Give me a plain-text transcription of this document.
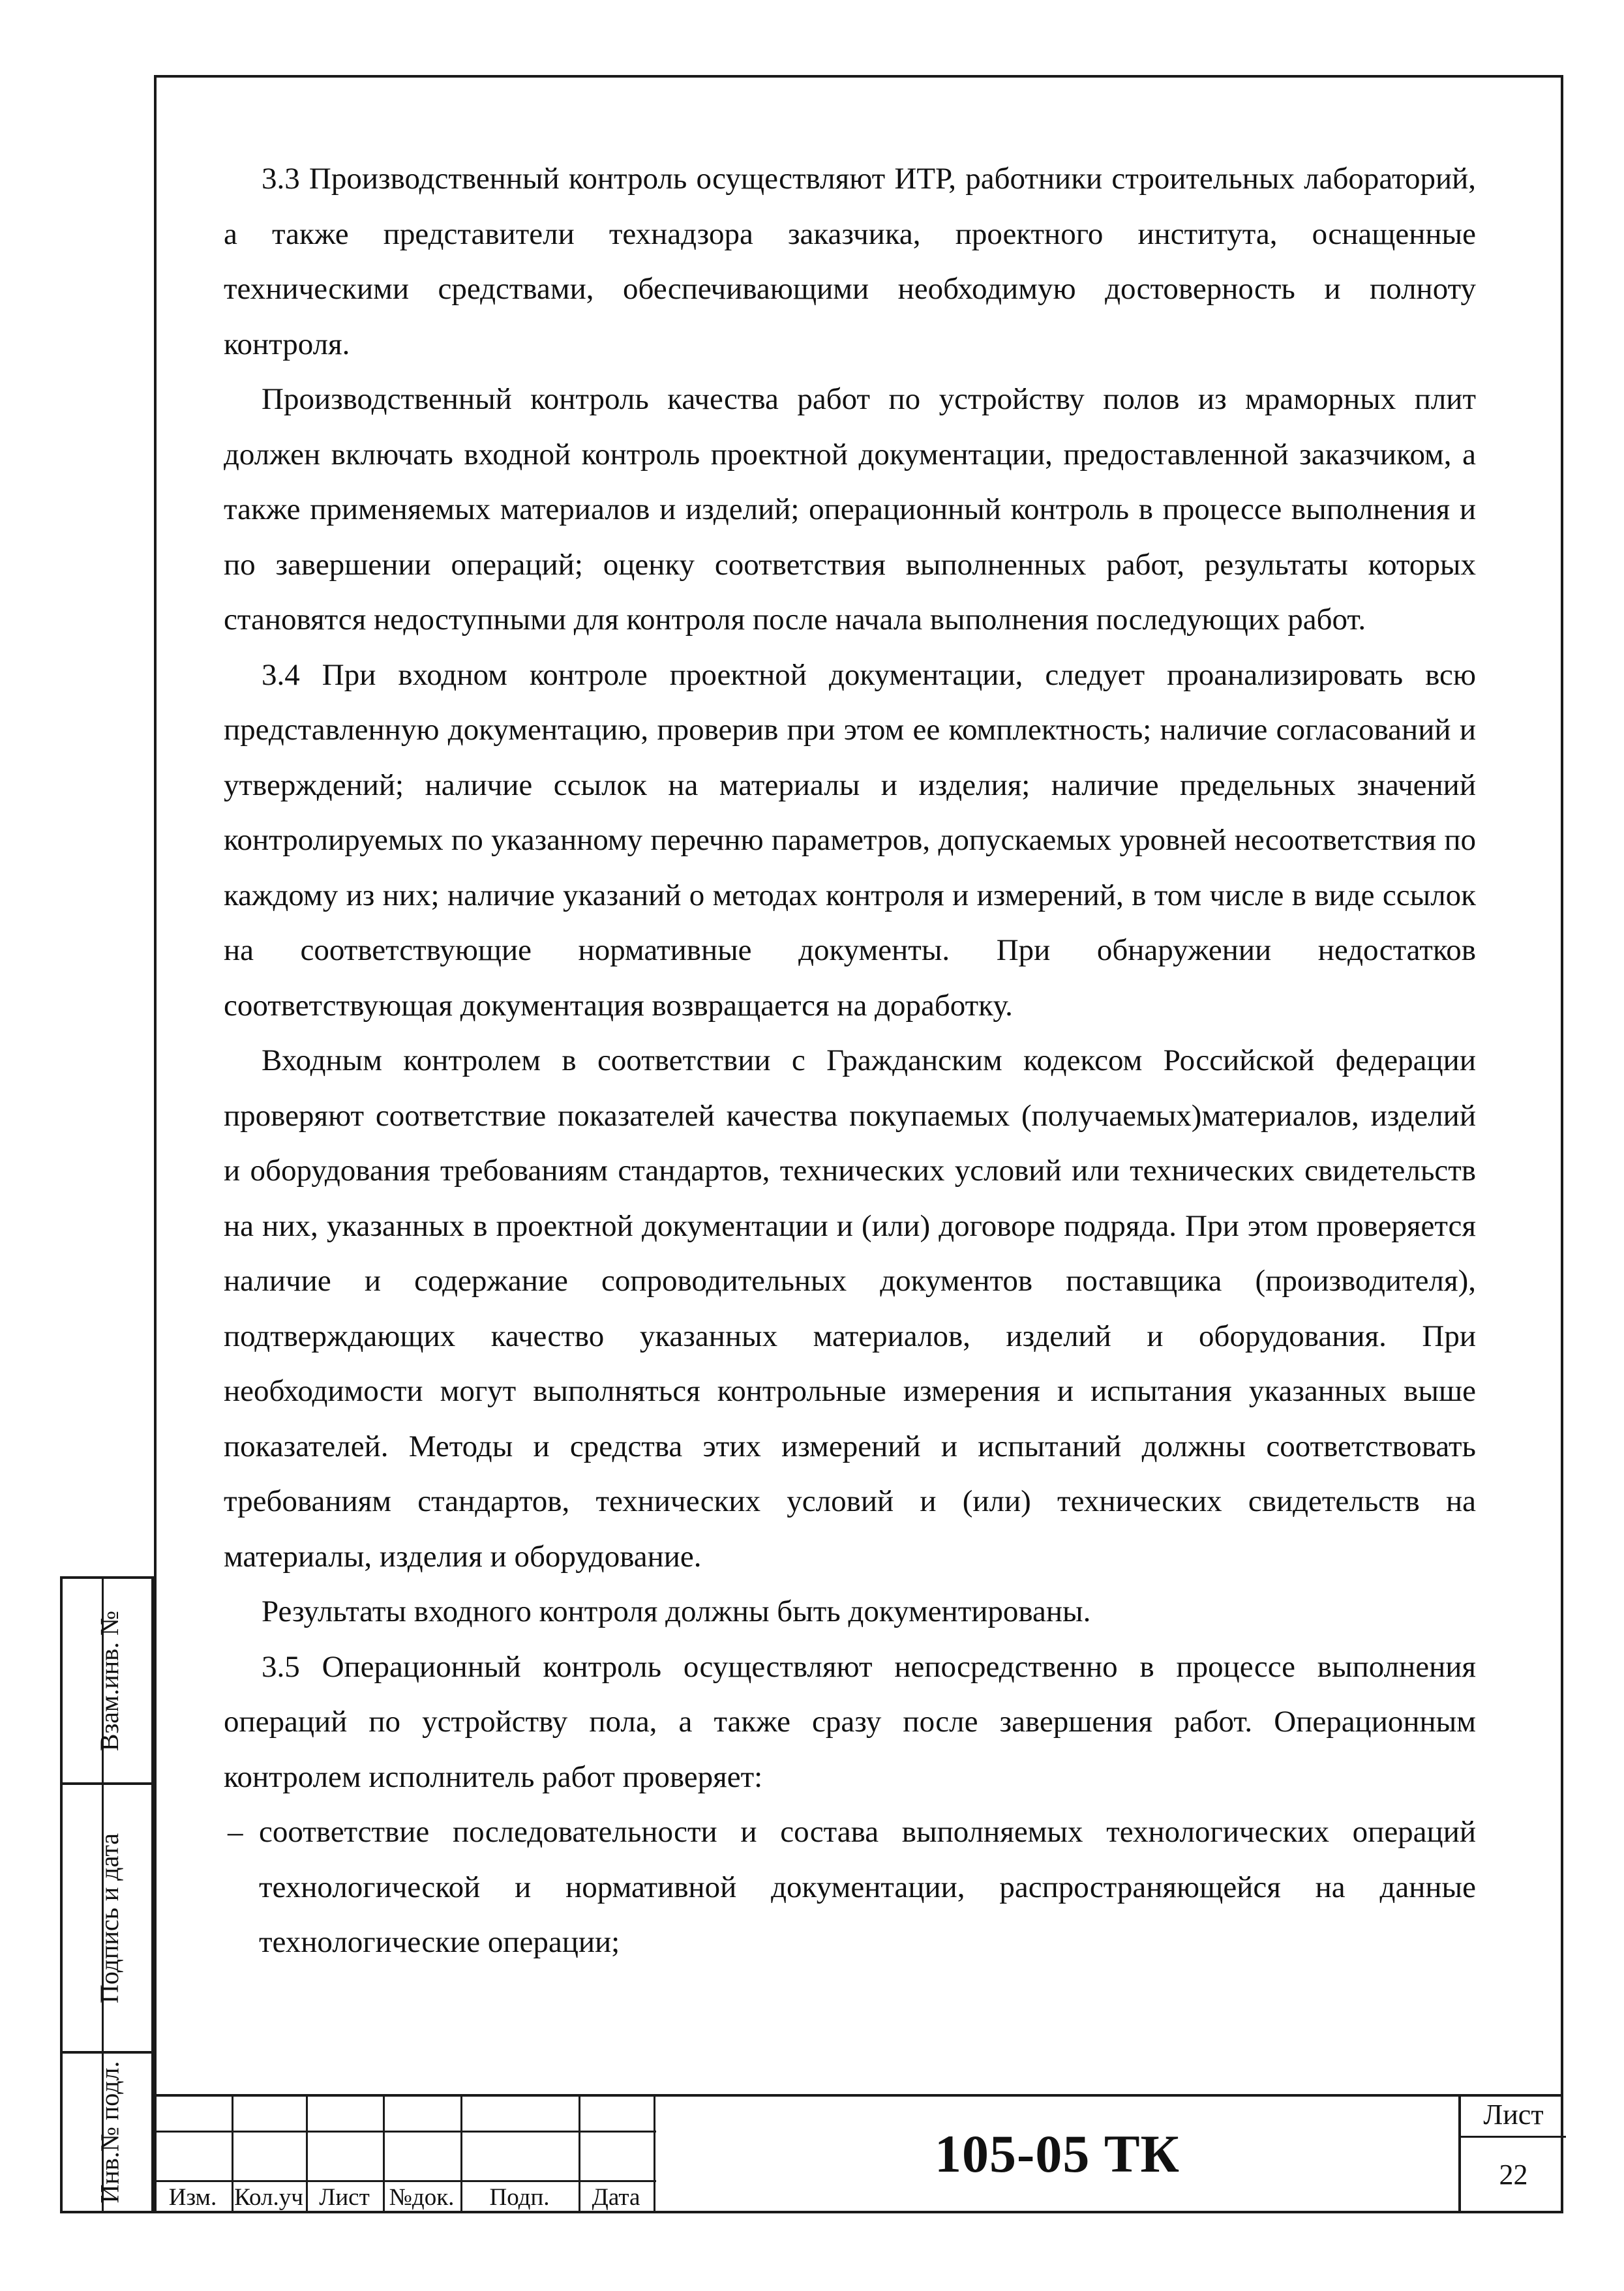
Взам.инв. №
Подпись и дата
Инв.№ подл.

3.3 Производственный контроль осуществляют ИТР, работники строительных лабораторий, а также представители технадзора заказчика, проектного института, оснащенные техническими средствами, обеспечивающими необходимую достоверность и полноту контроля.

Производственный контроль качества работ по устройству полов из мраморных плит должен включать входной контроль проектной документации, предоставленной заказчиком, а также применяемых материалов и изделий; операционный контроль в процессе выполнения и по завершении операций; оценку соответствия выполненных работ, результаты которых становятся недоступными для контроля после начала выполнения последующих работ.

3.4 При входном контроле проектной документации, следует проанализировать всю представленную документацию, проверив при этом ее комплектность; наличие согласований и утверждений; наличие ссылок на материалы и изделия; наличие предельных значений контролируемых по указанному перечню параметров, допускаемых уровней несоответствия по каждому из них; наличие указаний о методах контроля и измерений, в том числе в виде ссылок на соответствующие нормативные документы. При обнаружении недостатков соответствующая документация возвращается на доработку.

Входным контролем в соответствии с Гражданским кодексом Российской федерации проверяют соответствие показателей качества покупаемых (получаемых)материалов, изделий и оборудования требованиям стандартов, технических условий или технических свидетельств на них, указанных в проектной документации и (или) договоре подряда. При этом проверяется наличие и содержание сопроводительных документов поставщика (производителя), подтверждающих качество указанных материалов, изделий и оборудования. При необходимости могут выполняться контрольные измерения и испытания указанных выше показателей. Методы и средства этих измерений и испытаний должны соответствовать требованиям стандартов, технических условий и (или) технических свидетельств на материалы, изделия и оборудование.

Результаты входного контроля должны быть документированы.

3.5 Операционный контроль осуществляют непосредственно в процессе выполнения операций по устройству пола, а также сразу после завершения работ. Операционным контролем исполнитель работ проверяет:

– соответствие последовательности и состава выполняемых технологических операций технологической и нормативной документации, распространяющейся на данные технологические операции;

Изм. Кол.уч Лист №док.	Подп.	Дата
105-05 ТК
Лист
22
